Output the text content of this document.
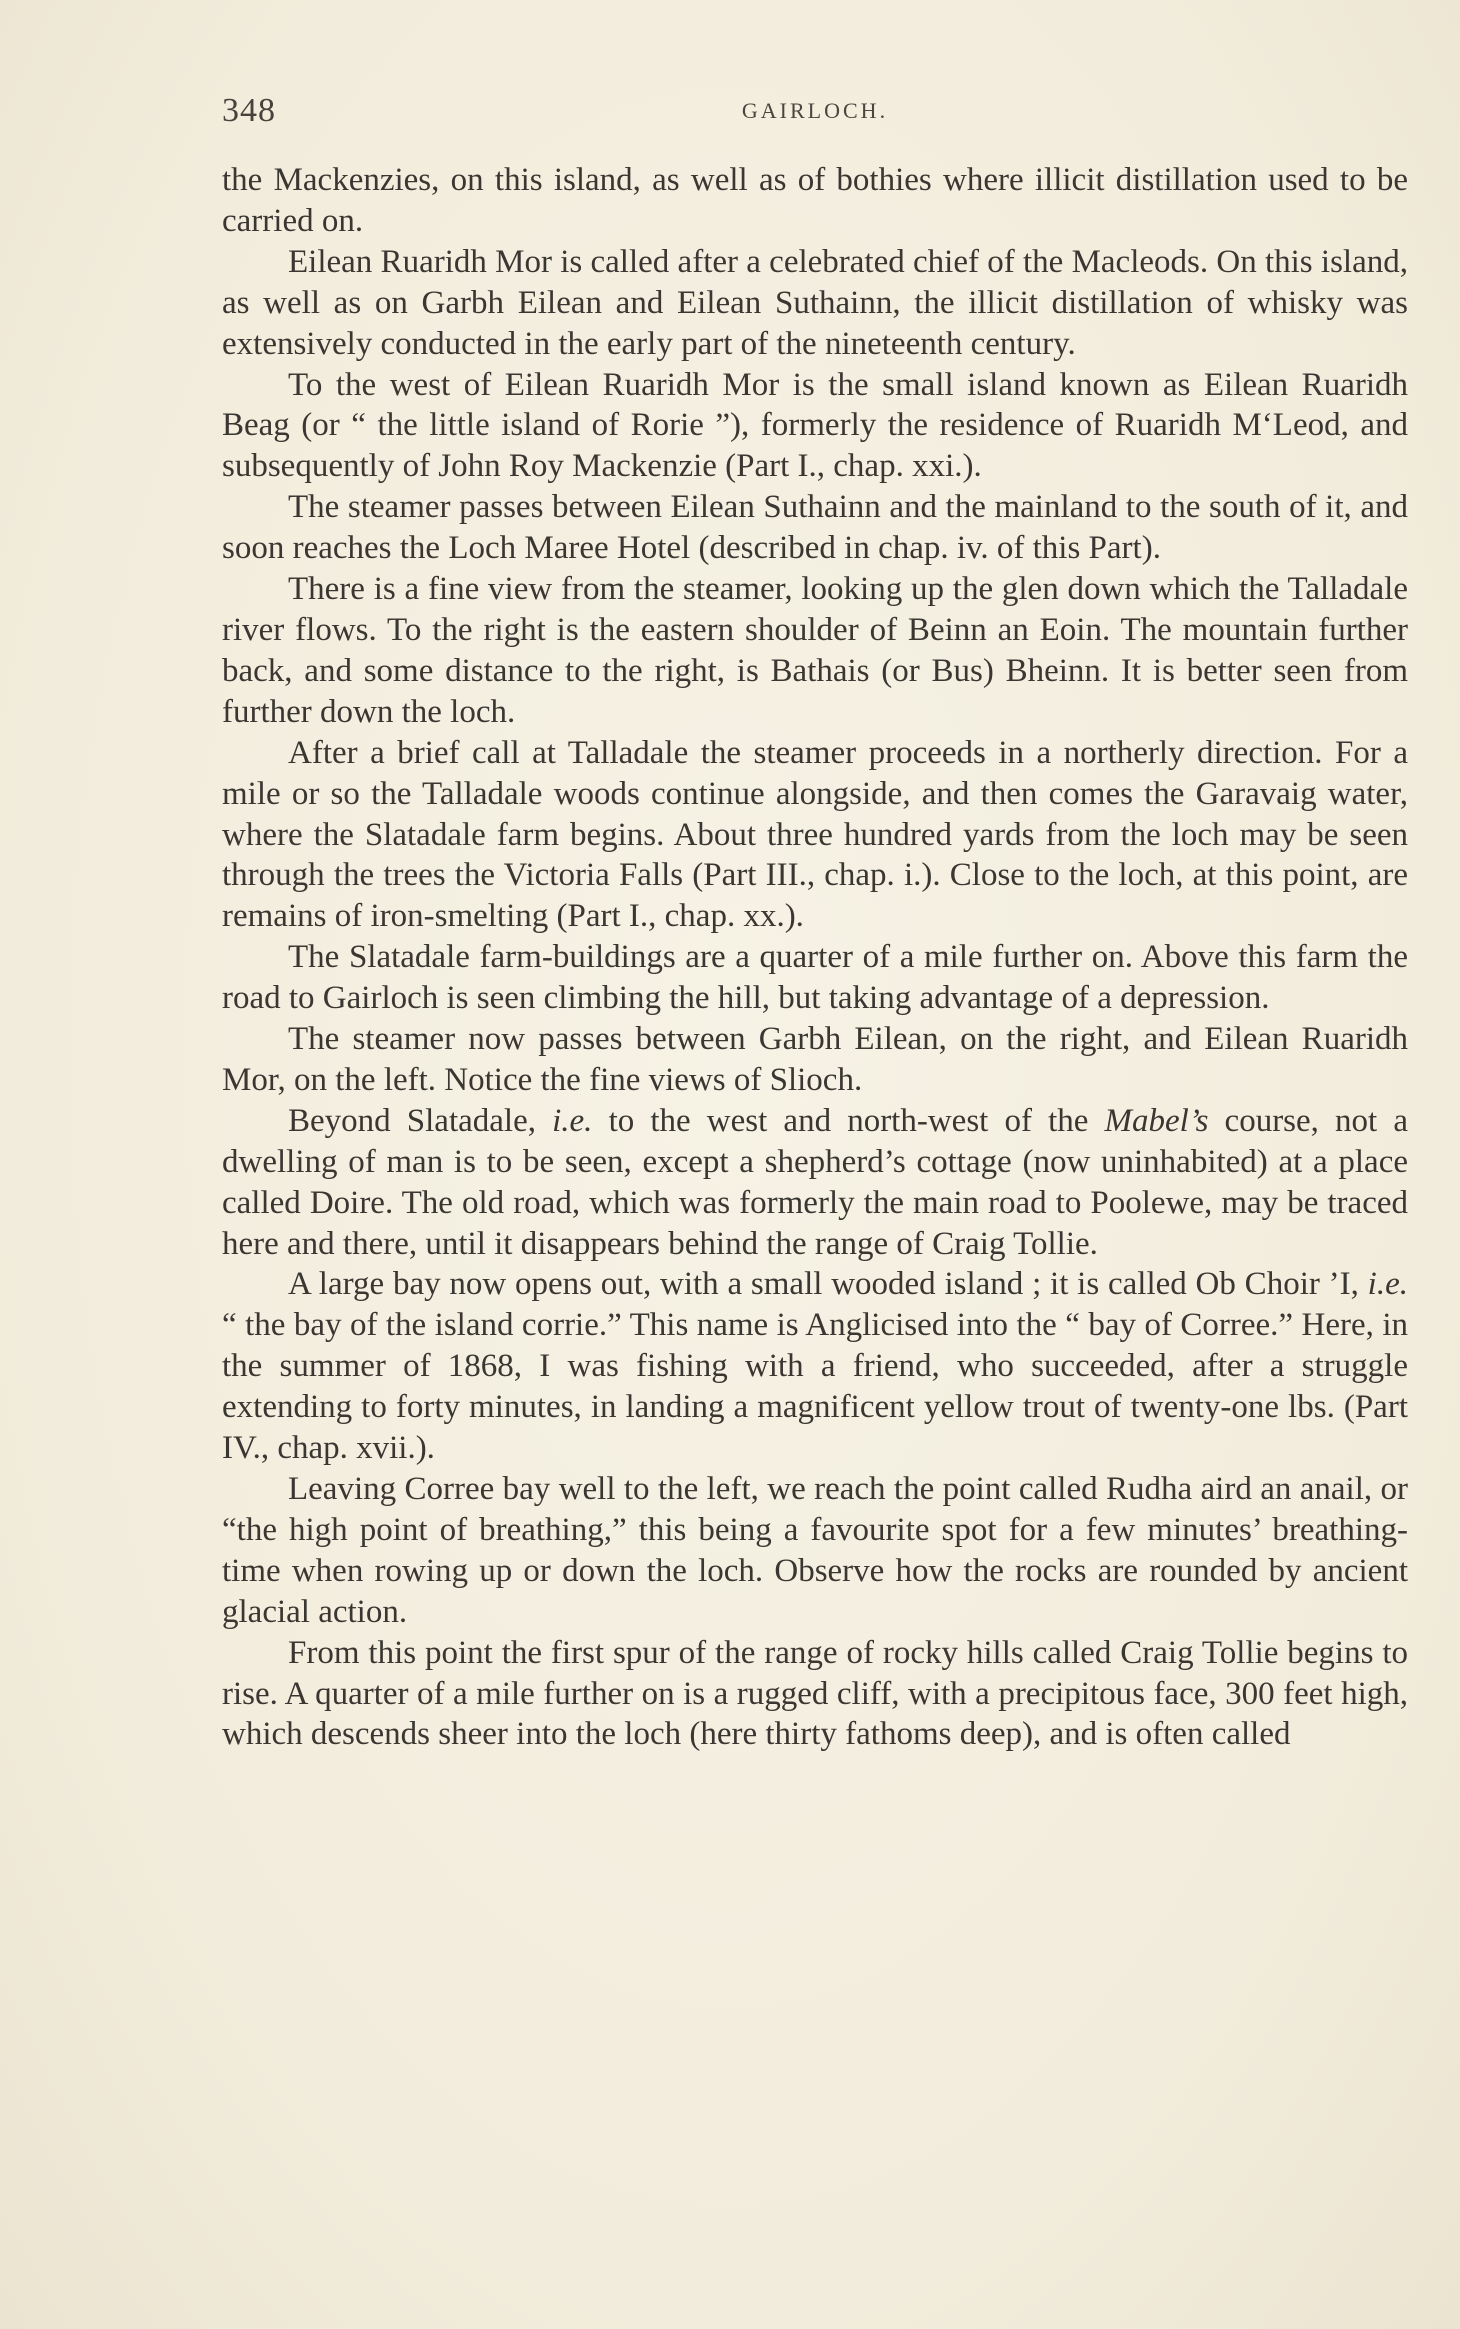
348	GAIRLOCH.

the Mackenzies, on this island, as well as of bothies where illicit distillation used to be carried on.

Eilean Ruaridh Mor is called after a celebrated chief of the Macleods. On this island, as well as on Garbh Eilean and Eilean Suthainn, the illicit distillation of whisky was extensively conducted in the early part of the nineteenth century.

To the west of Eilean Ruaridh Mor is the small island known as Eilean Ruaridh Beag (or “ the little island of Rorie ”), formerly the residence of Ruaridh M‘Leod, and subsequently of John Roy Mackenzie (Part I., chap. xxi.).

The steamer passes between Eilean Suthainn and the mainland to the south of it, and soon reaches the Loch Maree Hotel (described in chap. iv. of this Part).

There is a fine view from the steamer, looking up the glen down which the Talladale river flows. To the right is the eastern shoulder of Beinn an Eoin. The mountain further back, and some distance to the right, is Bathais (or Bus) Bheinn. It is better seen from further down the loch.

After a brief call at Talladale the steamer proceeds in a northerly direction. For a mile or so the Talladale woods continue alongside, and then comes the Garavaig water, where the Slatadale farm begins. About three hundred yards from the loch may be seen through the trees the Victoria Falls (Part III., chap. i.). Close to the loch, at this point, are remains of iron-smelting (Part I., chap. xx.).

The Slatadale farm-buildings are a quarter of a mile further on. Above this farm the road to Gairloch is seen climbing the hill, but taking advantage of a depression.

The steamer now passes between Garbh Eilean, on the right, and Eilean Ruaridh Mor, on the left. Notice the fine views of Slioch.

Beyond Slatadale, i.e. to the west and north-west of the Mabel’s course, not a dwelling of man is to be seen, except a shepherd’s cottage (now uninhabited) at a place called Doire. The old road, which was formerly the main road to Poolewe, may be traced here and there, until it disappears behind the range of Craig Tollie.

A large bay now opens out, with a small wooded island ; it is called Ob Choir ’I, i.e. “ the bay of the island corrie.” This name is Anglicised into the “ bay of Corree.” Here, in the summer of 1868, I was fishing with a friend, who succeeded, after a struggle extending to forty minutes, in landing a magnificent yellow trout of twenty-one lbs. (Part IV., chap. xvii.).

Leaving Corree bay well to the left, we reach the point called Rudha aird an anail, or “the high point of breathing,” this being a favourite spot for a few minutes’ breathing-time when rowing up or down the loch. Observe how the rocks are rounded by ancient glacial action.

From this point the first spur of the range of rocky hills called Craig Tollie begins to rise. A quarter of a mile further on is a rugged cliff, with a precipitous face, 300 feet high, which descends sheer into the loch (here thirty fathoms deep), and is often called
